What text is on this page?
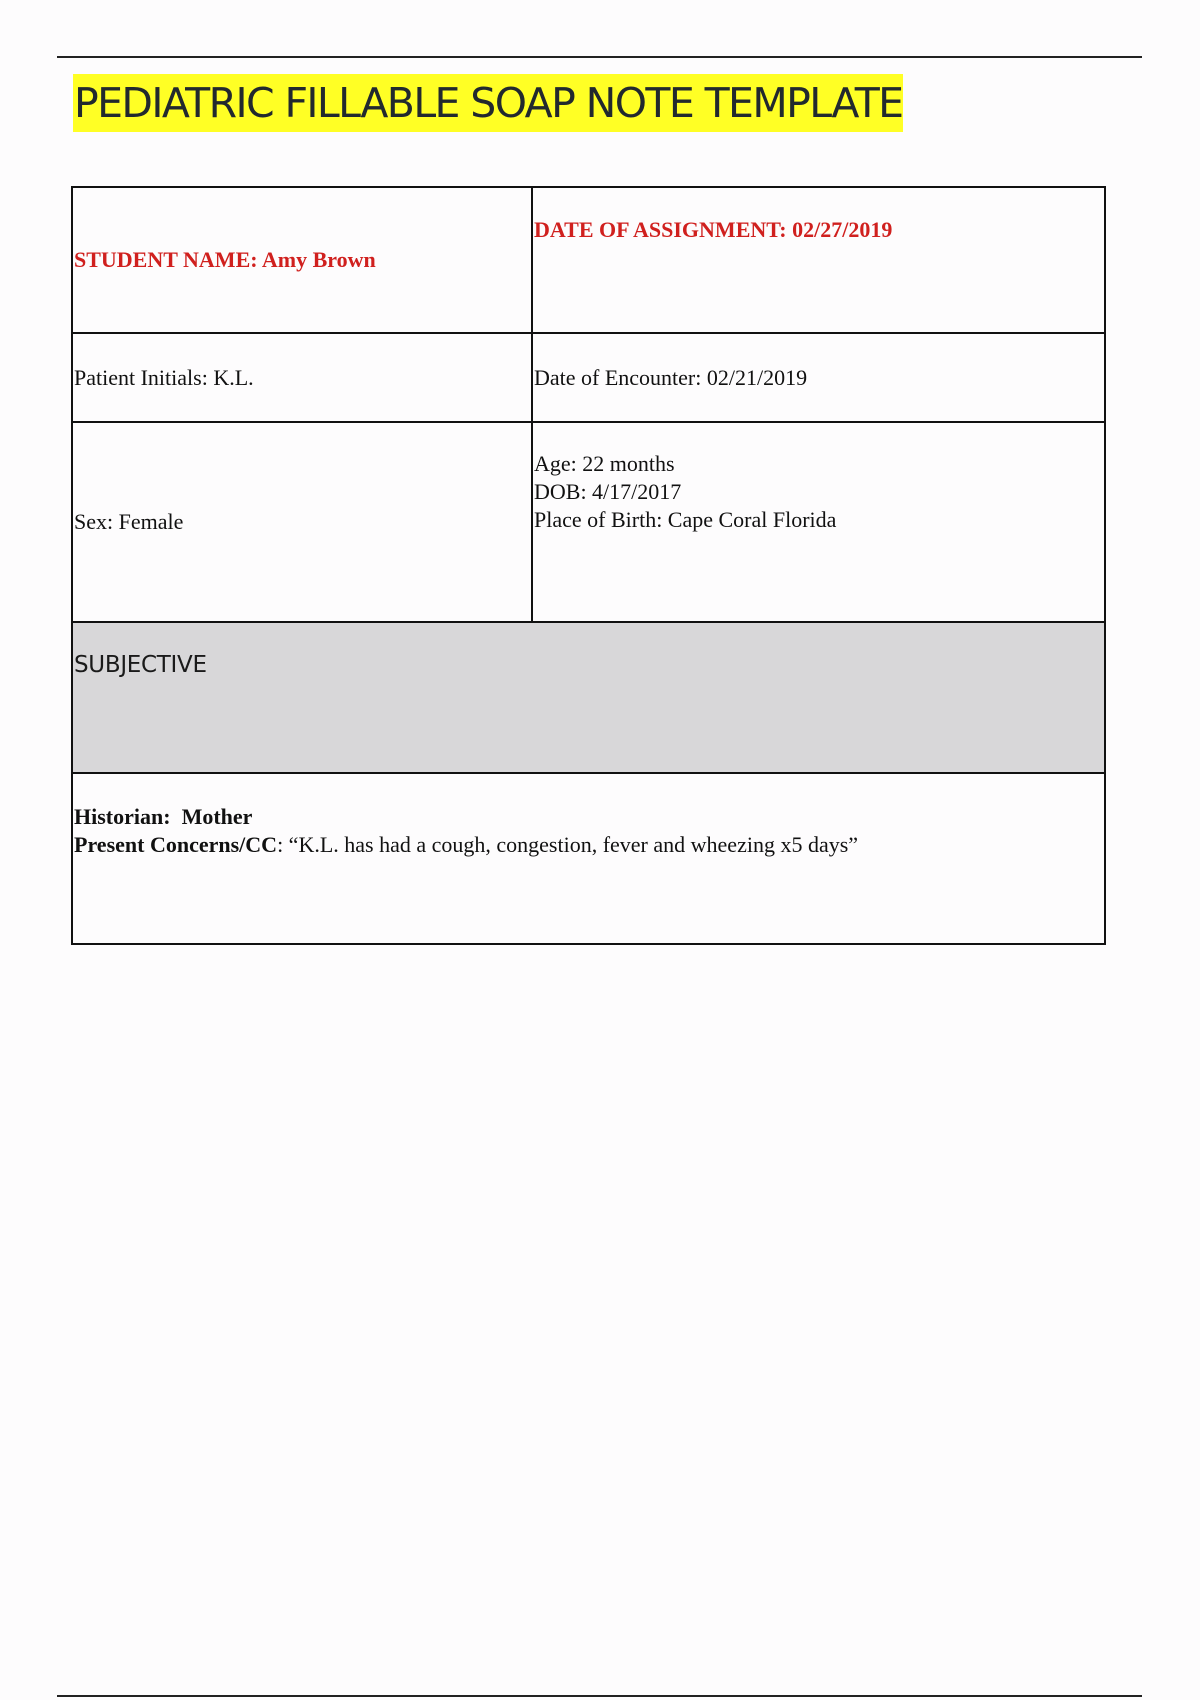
PEDIATRIC FILLABLE SOAP NOTE TEMPLATE
STUDENT NAME: Amy Brown	DATE OF ASSIGNMENT: 02/27/2019
Patient Initials: K.L.	Date of Encounter: 02/21/2019
Sex: Female	Age: 22 months
DOB: 4/17/2017
Place of Birth: Cape Coral Florida

SUBJECTIVE	

Historian: Mother
Present Concerns/CC: “K.L. has had a cough, congestion, fever and wheezing x5 days”	
